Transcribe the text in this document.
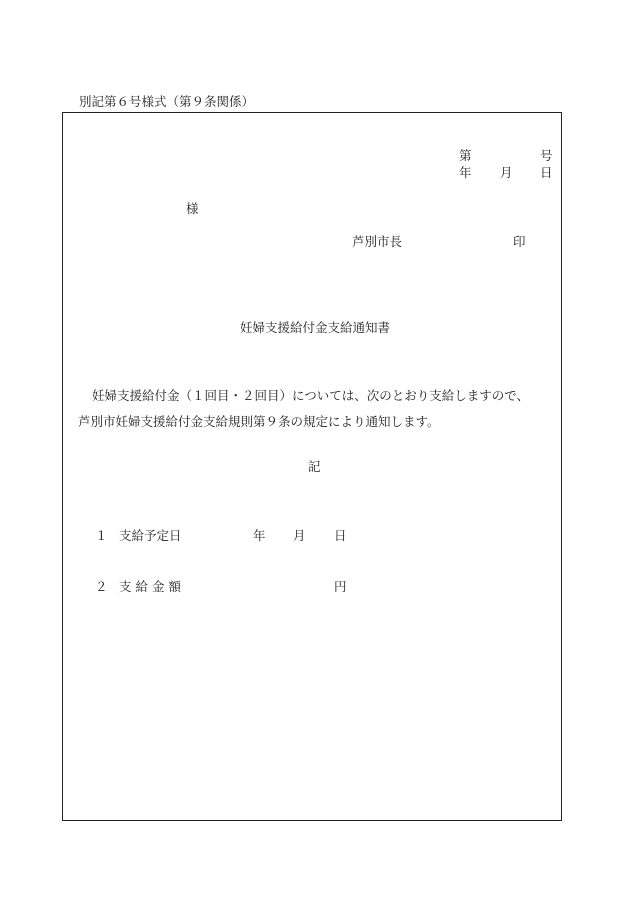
別記第６号様式（第９条関係）
第	号
年 月 日
様
芦別市長	印
妊婦支援給付金支給通知書
妊婦支援給付金（１回目・２回目）については、次のとおり支給しますので、
芦別市妊婦支援給付金支給規則第９条の規定により通知します。
記
１ 支給予定日	年 月 日
２ 支給金額	円
